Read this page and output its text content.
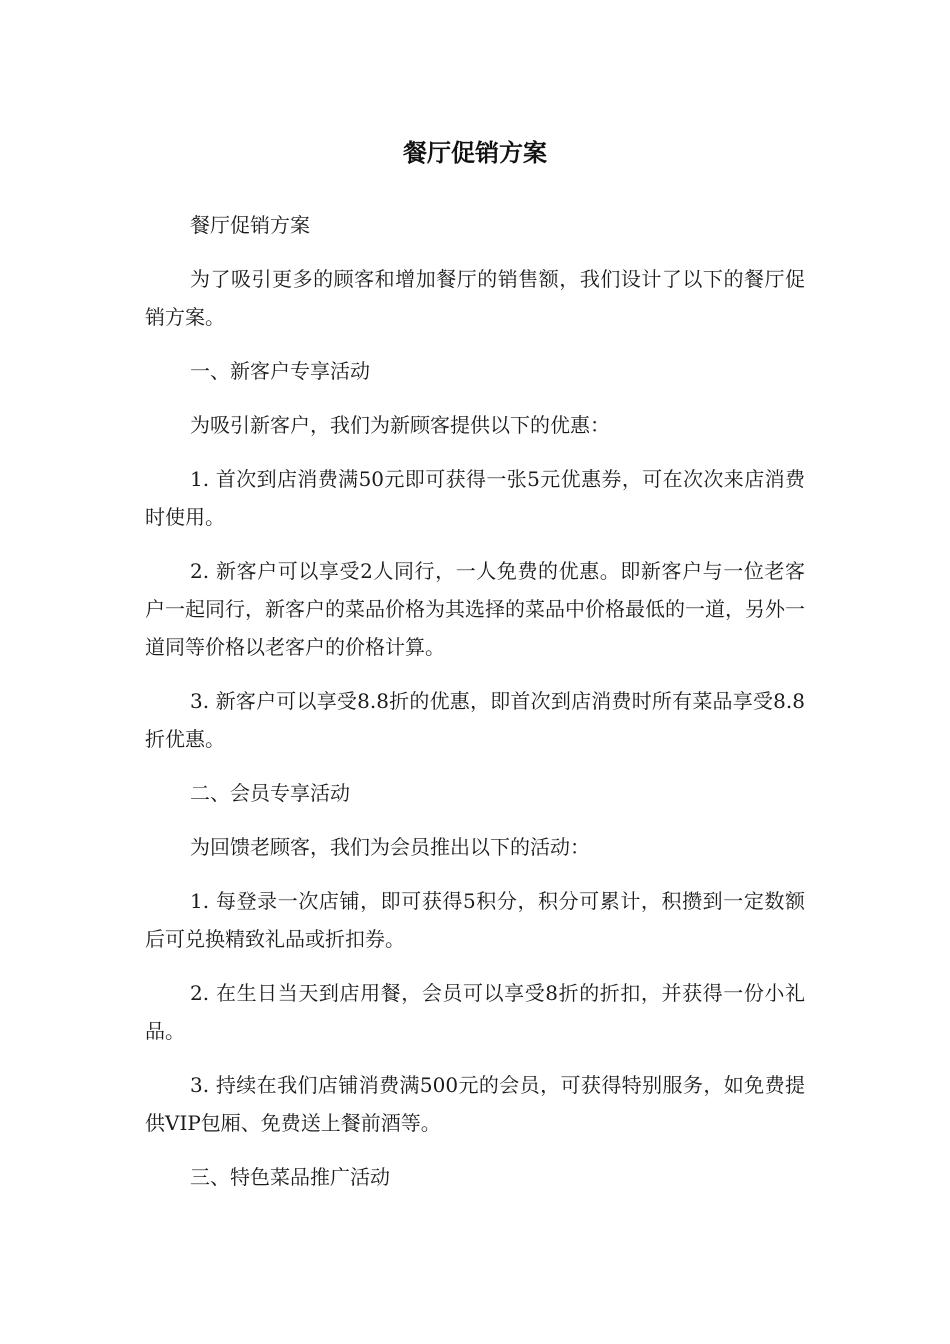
餐厅促销方案

餐厅促销方案

为了吸引更多的顾客和增加餐厅的销售额，我们设计了以下的餐厅促销方案。

一、新客户专享活动

为吸引新客户，我们为新顾客提供以下的优惠：

1. 首次到店消费满50元即可获得一张5元优惠券，可在次次来店消费时使用。

2. 新客户可以享受2人同行，一人免费的优惠。即新客户与一位老客户一起同行，新客户的菜品价格为其选择的菜品中价格最低的一道，另外一道同等价格以老客户的价格计算。

3. 新客户可以享受8.8折的优惠，即首次到店消费时所有菜品享受8.8折优惠。

二、会员专享活动

为回馈老顾客，我们为会员推出以下的活动：

1. 每登录一次店铺，即可获得5积分，积分可累计，积攒到一定数额后可兑换精致礼品或折扣券。

2. 在生日当天到店用餐，会员可以享受8折的折扣，并获得一份小礼品。

3. 持续在我们店铺消费满500元的会员，可获得特别服务，如免费提供VIP包厢、免费送上餐前酒等。

三、特色菜品推广活动
